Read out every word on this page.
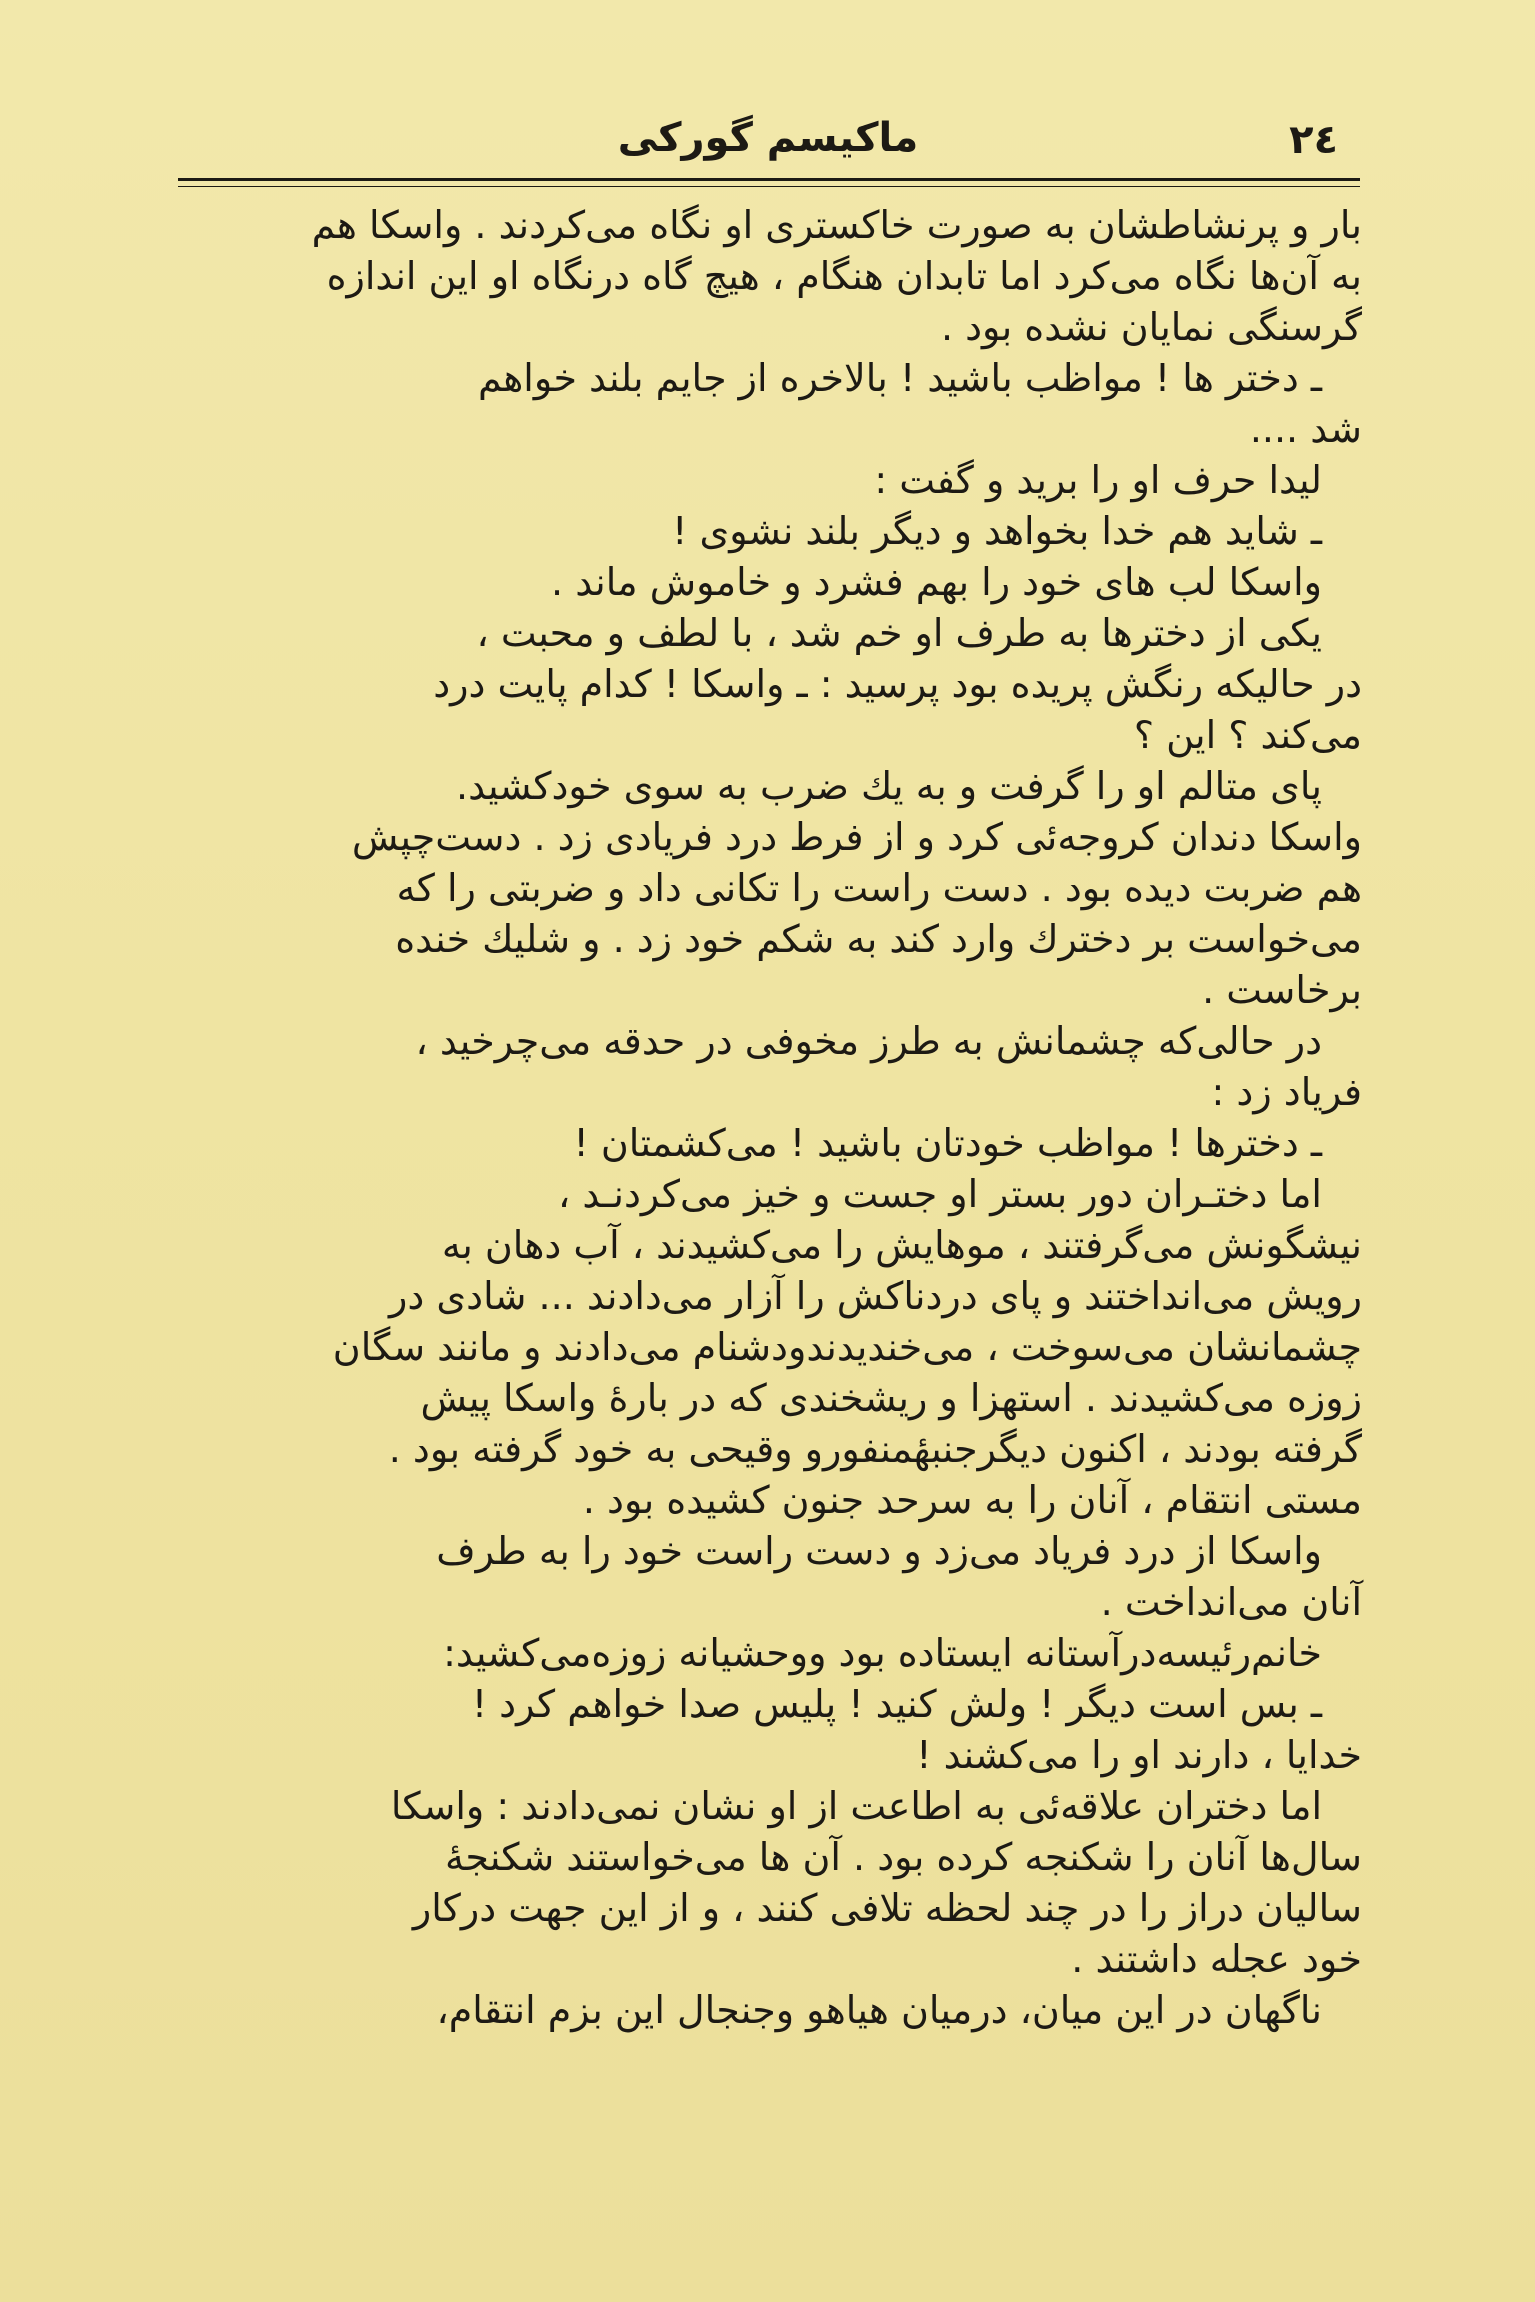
٢٤
ماکیسم گورکی
بار و پرنشاطشان به صورت خاکستری او نگاه می‌کردند . واسکا هم
به آن‌ها نگاه می‌کرد اما تابدان هنگام ، هیچ گاه درنگاه او این اندازه
گرسنگی نمایان نشده بود .
ـ دختر ها ! مواظب باشید ! بالاخره از جایم بلند خواهم
شد ....
لیدا حرف او را برید و گفت :
ـ شاید هم خدا بخواهد و دیگر بلند نشوی !
واسکا لب های خود را بهم فشرد و خاموش ماند .
یکی از دخترها به طرف او خم شد ، با لطف و محبت ،
در حالیکه رنگش پریده بود پرسید : ـ واسکا ! کدام پایت درد
می‌کند ؟ این ؟
پای متالم او را گرفت و به یك ضرب به سوی خودکشید.
واسکا دندان کروجه‌ئی کرد و از فرط درد فریادی زد . دست‌چپش
هم ضربت دیده بود . دست راست را تکانی داد و ضربتی را که
می‌خواست بر دخترك وارد کند به شکم خود زد . و شلیك خنده
برخاست .
در حالی‌که چشمانش به طرز مخوفی در حدقه می‌چرخید ،
فریاد زد :
ـ دخترها ! مواظب خودتان باشید ! می‌کشمتان !
اما دختـران دور بستر او جست و خیز می‌کردنـد ،
نیشگونش می‌گرفتند ، موهایش را می‌کشیدند ، آب دهان به
رویش می‌انداختند و پای دردناکش را آزار می‌دادند ... شادی در
چشمانشان می‌سوخت ، می‌خندیدندودشنام می‌دادند و مانند سگان
زوزه می‌کشیدند . استهزا و ریشخندی که در بارهٔ واسکا پیش
گرفته بودند ، اکنون دیگرجنبهٔمنفورو وقیحی به خود گرفته بود .
مستی انتقام ، آنان را به سرحد جنون کشیده بود .
واسکا از درد فریاد می‌زد و دست راست خود را به طرف
آنان می‌انداخت .
خانم‌رئیسه‌درآستانه ایستاده بود ووحشیانه زوزه‌می‌کشید:
ـ بس است دیگر ! ولش کنید ! پلیس صدا خواهم کرد !
خدایا ، دارند او را می‌کشند !
اما دختران علاقه‌ئی به اطاعت از او نشان نمی‌دادند : واسکا
سال‌ها آنان را شکنجه کرده بود . آن ها می‌خواستند شکنجهٔ
سالیان دراز را در چند لحظه تلافی کنند ، و از این جهت درکار
خود عجله داشتند .
ناگهان در این میان، درمیان هیاهو وجنجال این بزم انتقام،
